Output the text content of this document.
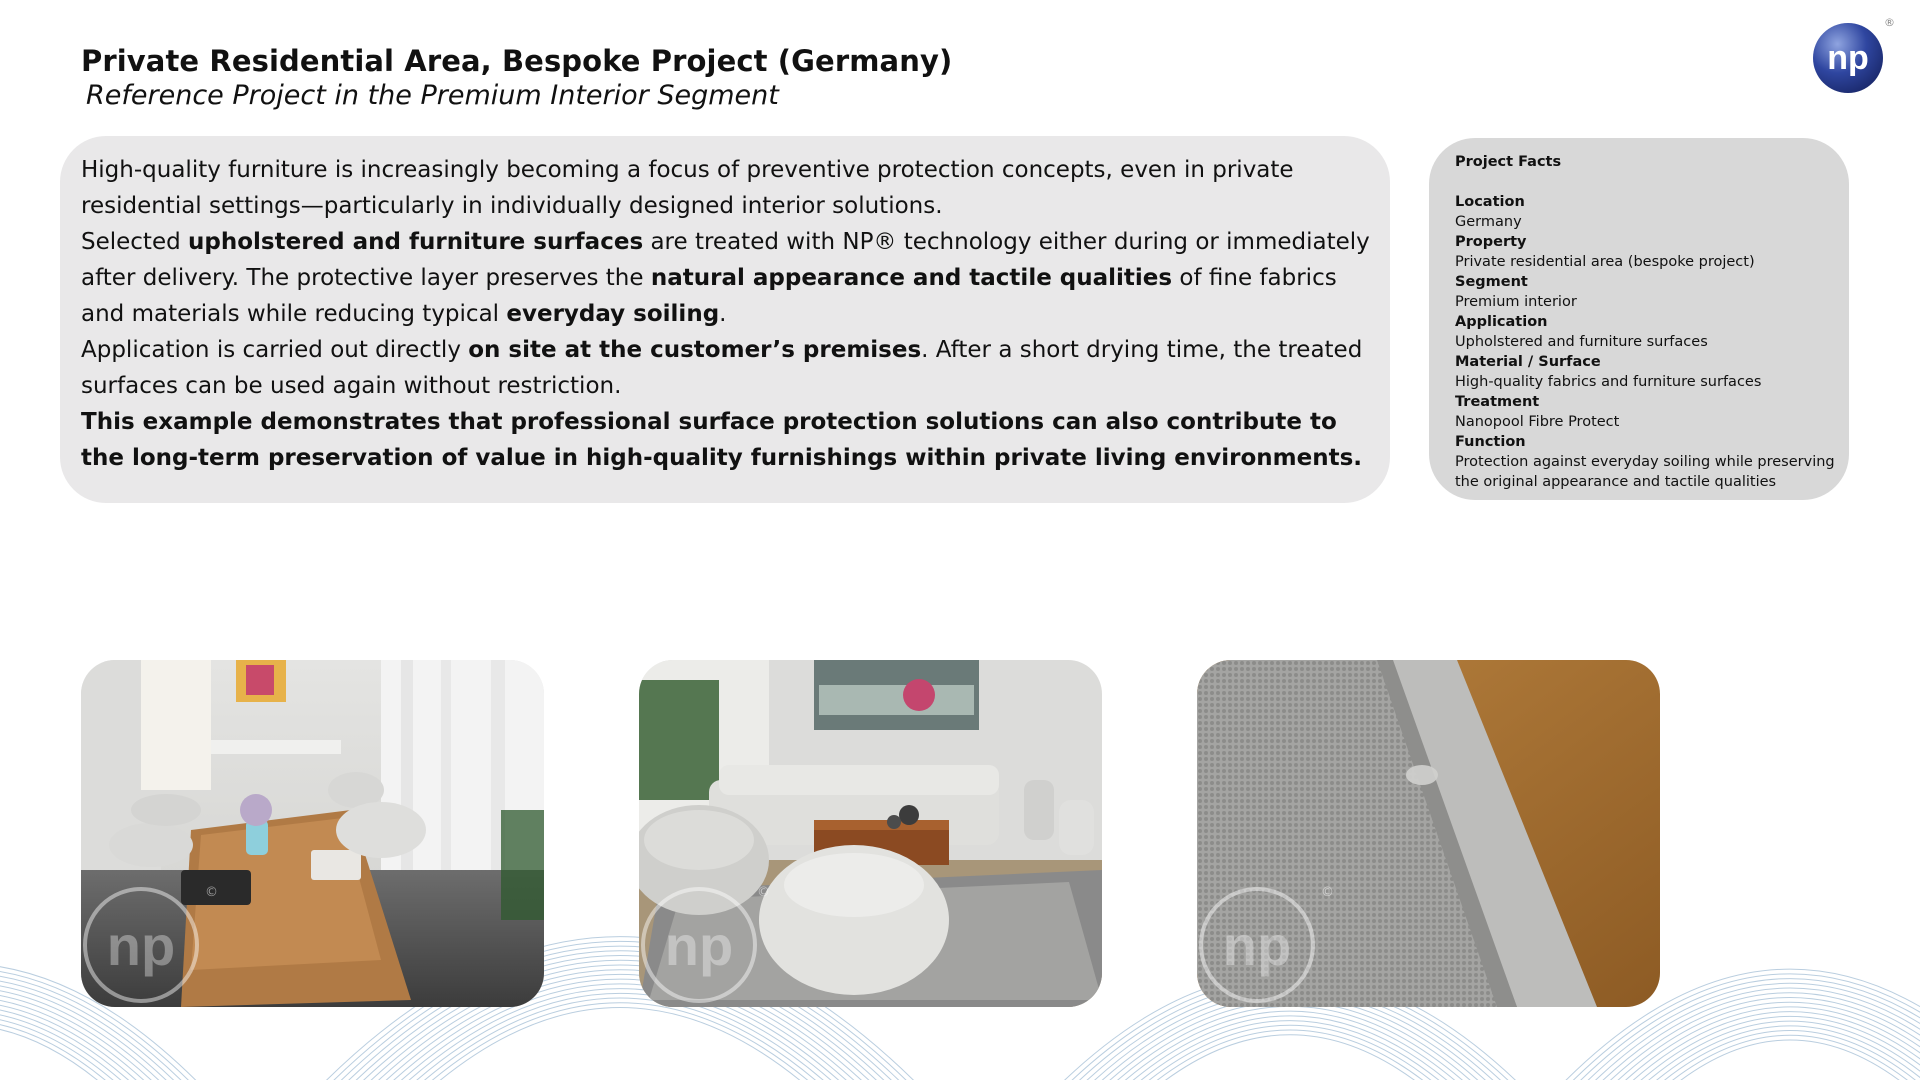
Private Residential Area, Bespoke Project (Germany)
Reference Project in the Premium Interior Segment
np
®

High-quality furniture is increasingly becoming a focus of preventive protection concepts, even in private residential settings—particularly in individually designed interior solutions.

Selected upholstered and furniture surfaces are treated with NP® technology either during or immediately after delivery. The protective layer preserves the natural appearance and tactile qualities of fine fabrics and materials while reducing typical everyday soiling.

Application is carried out directly on site at the customer’s premises. After a short drying time, the treated surfaces can be used again without restriction.

This example demonstrates that professional surface protection solutions can also contribute to the long-term preservation of value in high-quality furnishings within private living environments.

Project Facts
Location
Germany
Property
Private residential area (bespoke project)
Segment
Premium interior
Application
Upholstered and furniture surfaces
Material / Surface
High-quality fabrics and furniture surfaces
Treatment
Nanopool Fibre Protect
Function
Protection against everyday soiling while preserving the original appearance and tactile qualities
np
©
np
©
np
©
